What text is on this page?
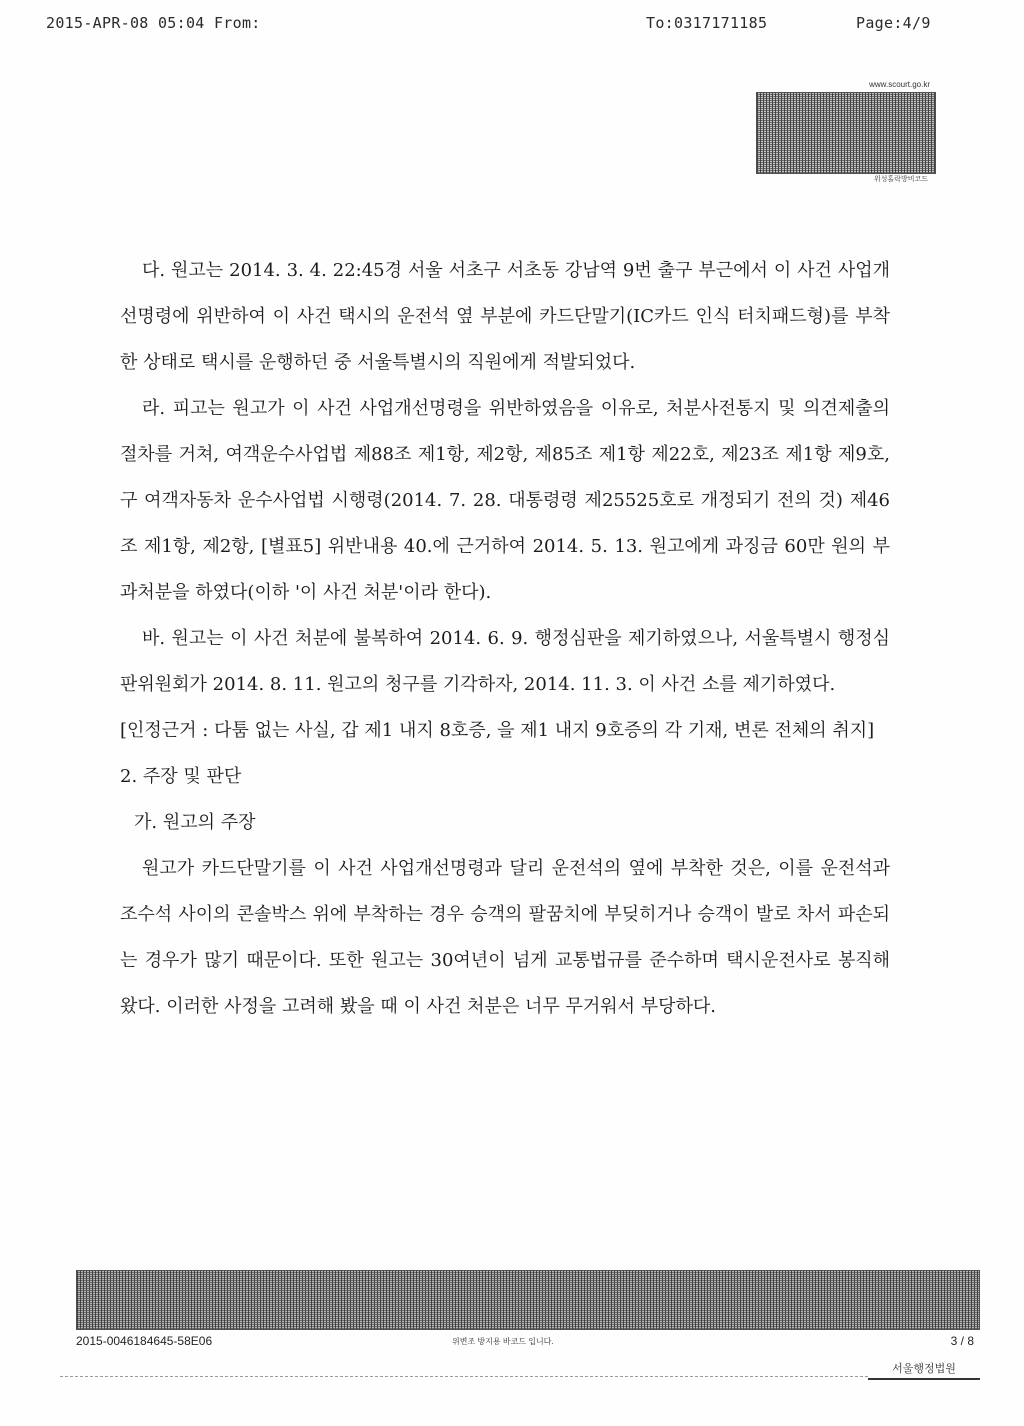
2015-APR-08 05:04 From:	To:0317171185	Page:4/9
www.scourt.go.kr
위성홀락방비코드

다. 원고는 2014. 3. 4. 22:45경 서울 서초구 서초동 강남역 9번 출구 부근에서 이 사건 사업개선명령에 위반하여 이 사건 택시의 운전석 옆 부분에 카드단말기(IC카드 인식 터치패드형)를 부착한 상태로 택시를 운행하던 중 서울특별시의 직원에게 적발되었다.

라. 피고는 원고가 이 사건 사업개선명령을 위반하였음을 이유로, 처분사전통지 및 의견제출의 절차를 거쳐, 여객운수사업법 제88조 제1항, 제2항, 제85조 제1항 제22호, 제23조 제1항 제9호, 구 여객자동차 운수사업법 시행령(2014. 7. 28. 대통령령 제25525호로 개정되기 전의 것) 제46조 제1항, 제2항, [별표5] 위반내용 40.에 근거하여 2014. 5. 13. 원고에게 과징금 60만 원의 부과처분을 하였다(이하 '이 사건 처분'이라 한다).

바. 원고는 이 사건 처분에 불복하여 2014. 6. 9. 행정심판을 제기하였으나, 서울특별시 행정심판위원회가 2014. 8. 11. 원고의 청구를 기각하자, 2014. 11. 3. 이 사건 소를 제기하였다.

[인정근거 : 다툼 없는 사실, 갑 제1 내지 8호증, 을 제1 내지 9호증의 각 기재, 변론 전체의 취지]

2. 주장 및 판단

가. 원고의 주장

원고가 카드단말기를 이 사건 사업개선명령과 달리 운전석의 옆에 부착한 것은, 이를 운전석과 조수석 사이의 콘솔박스 위에 부착하는 경우 승객의 팔꿈치에 부딪히거나 승객이 발로 차서 파손되는 경우가 많기 때문이다. 또한 원고는 30여년이 넘게 교통법규를 준수하며 택시운전사로 봉직해 왔다. 이러한 사정을 고려해 봤을 때 이 사건 처분은 너무 무거워서 부당하다.

2015-0046184645-58E06	위변조 방지용 바코드 입니다.	3 / 8
서울행정법원
